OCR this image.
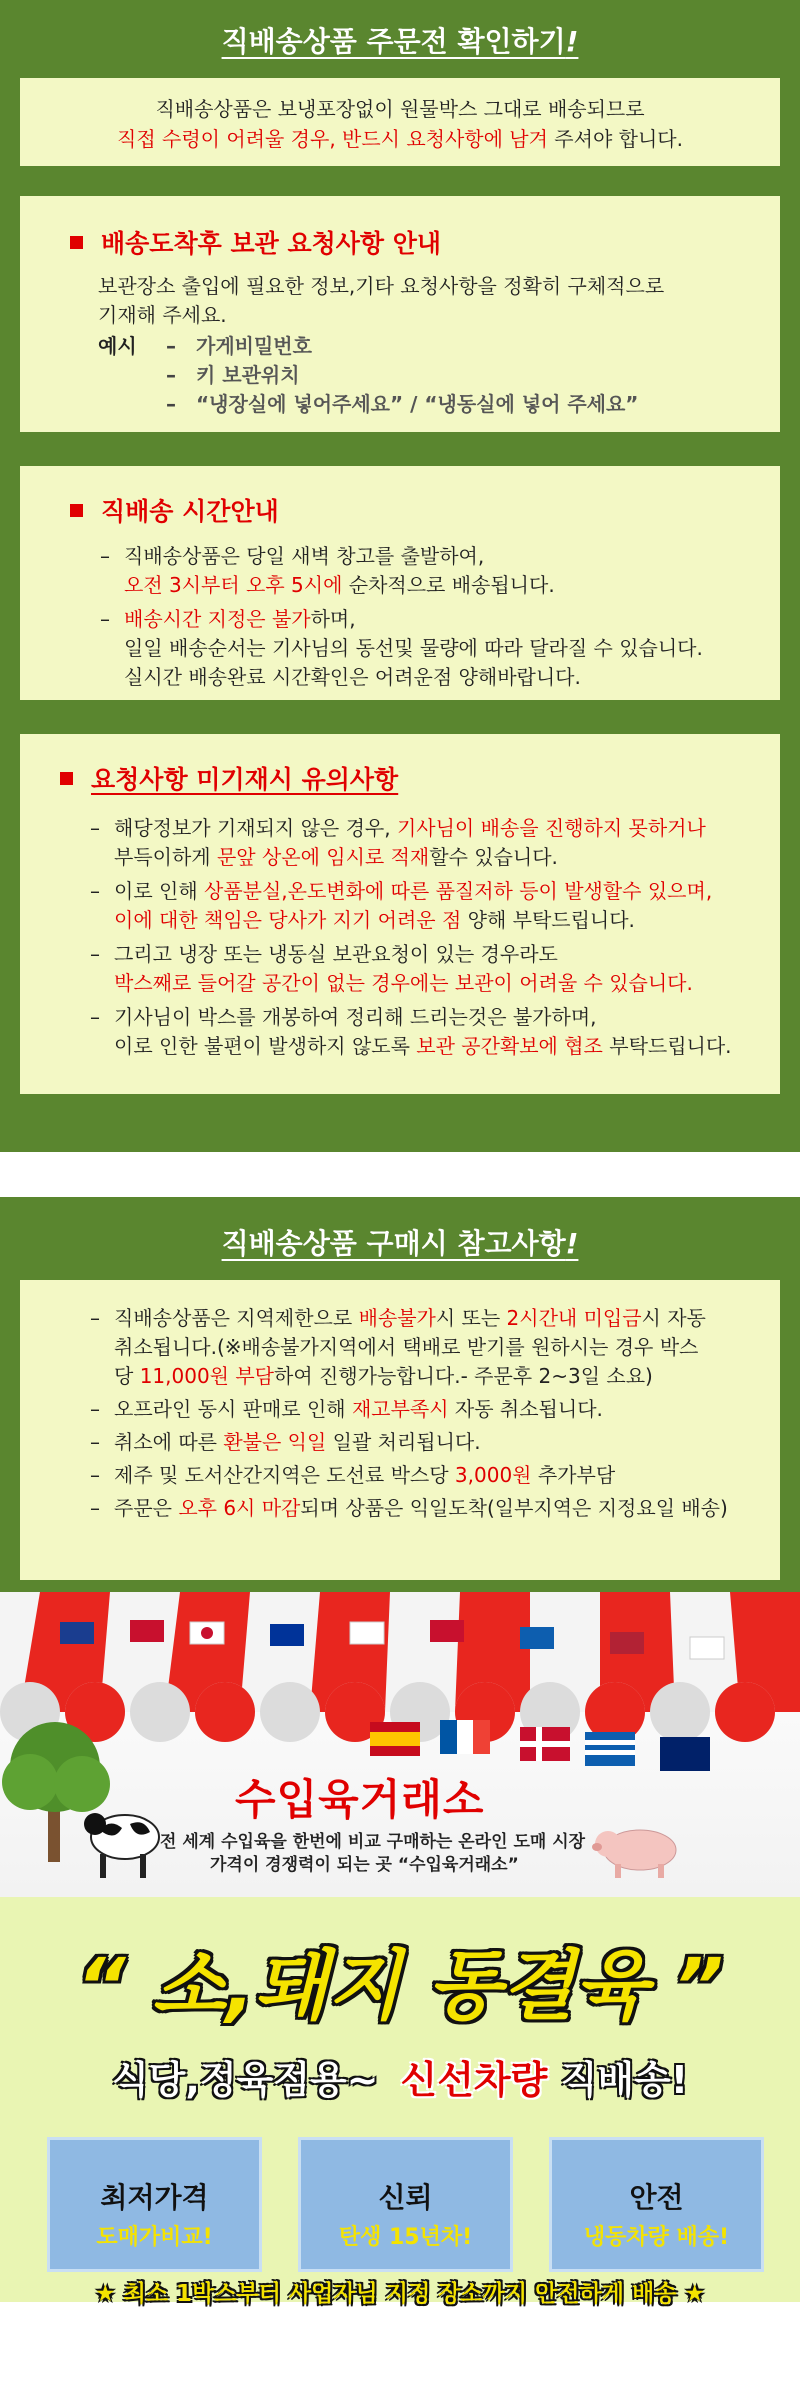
직배송상품 주문전 확인하기!
직배송상품은 보냉포장없이 원물박스 그대로 배송되므로
직접 수령이 어려울 경우, 반드시 요청사항에 남겨 주셔야 합니다.
배송도착후 보관 요청사항 안내
보관장소 출입에 필요한 정보,기타 요청사항을 정확히 구체적으로
기재해 주세요.
예시	–	가게비밀번호
–	키 보관위치
–	“냉장실에 넣어주세요” / “냉동실에 넣어 주세요”
직배송 시간안내
– 직배송상품은 당일 새벽 창고를 출발하여,
오전 3시부터 오후 5시에 순차적으로 배송됩니다.
– 배송시간 지정은 불가하며,
일일 배송순서는 기사님의 동선및 물량에 따라 달라질 수 있습니다.
실시간 배송완료 시간확인은 어려운점 양해바랍니다.
요청사항 미기재시 유의사항
– 해당정보가 기재되지 않은 경우, 기사님이 배송을 진행하지 못하거나
부득이하게 문앞 상온에 임시로 적재할수 있습니다.
– 이로 인해 상품분실,온도변화에 따른 품질저하 등이 발생할수 있으며,
이에 대한 책임은 당사가 지기 어려운 점 양해 부탁드립니다.
– 그리고 냉장 또는 냉동실 보관요청이 있는 경우라도
박스째로 들어갈 공간이 없는 경우에는 보관이 어려울 수 있습니다.
– 기사님이 박스를 개봉하여 정리해 드리는것은 불가하며,
이로 인한 불편이 발생하지 않도록 보관 공간확보에 협조 부탁드립니다.
직배송상품 구매시 참고사항!
– 직배송상품은 지역제한으로 배송불가시 또는 2시간내 미입금시 자동
취소됩니다.(※배송불가지역에서 택배로 받기를 원하시는 경우 박스
당 11,000원 부담하여 진행가능합니다.- 주문후 2~3일 소요)
– 오프라인 동시 판매로 인해 재고부족시 자동 취소됩니다.
– 취소에 따른 환불은 익일 일괄 처리됩니다.
– 제주 및 도서산간지역은 도선료 박스당 3,000원 추가부담
– 주문은 오후 6시 마감되며 상품은 익일도착(일부지역은 지정요일 배송)
수입육거래소
전 세계 수입육을 한번에 비교 구매하는 온라인 도매 시장
가격이 경쟁력이 되는 곳 “수입육거래소”
“ 소,돼지 동결육 ”
식당,정육점용~ 신선차량 직배송!
최저가격
도매가비교!
신뢰
탄생 15년차!
안전
냉동차량 배송!
★ 최소 1박스부터 사업자님 지정 장소까지 안전하게 배송 ★
